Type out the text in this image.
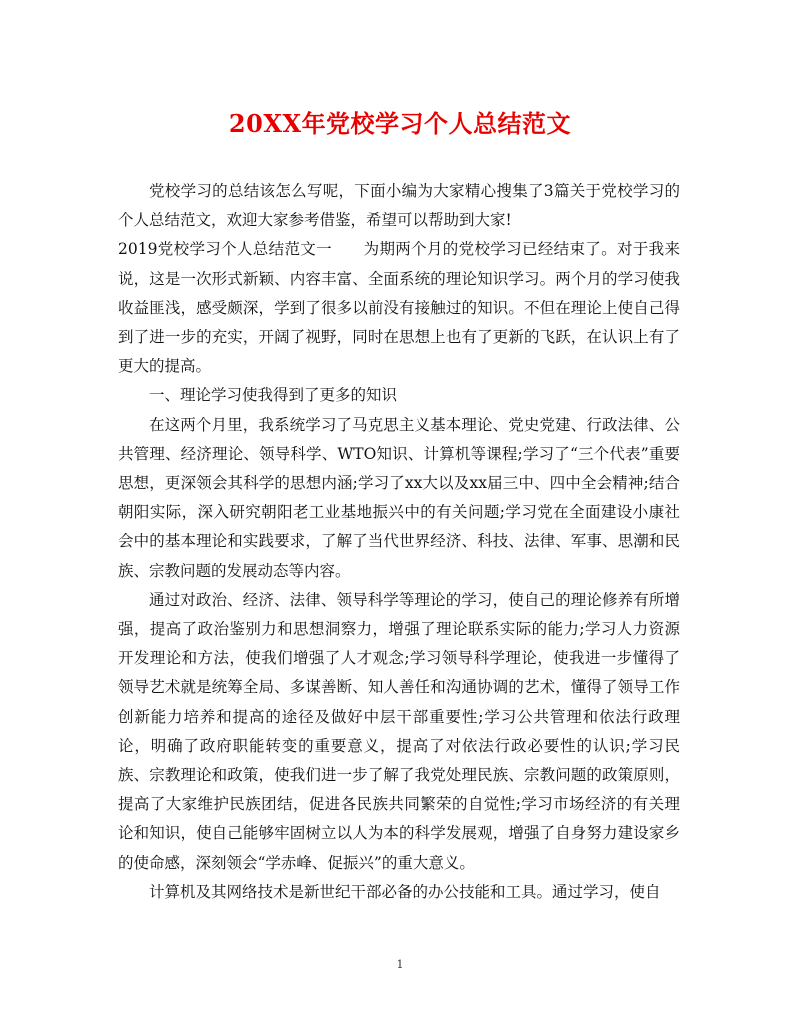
20XX年党校学习个人总结范文

党校学习的总结该怎么写呢，下面小编为大家精心搜集了3篇关于党校学习的个人总结范文，欢迎大家参考借鉴，希望可以帮助到大家!

2019党校学习个人总结范文一　　为期两个月的党校学习已经结束了。对于我来说，这是一次形式新颖、内容丰富、全面系统的理论知识学习。两个月的学习使我收益匪浅，感受颇深，学到了很多以前没有接触过的知识。不但在理论上使自己得到了进一步的充实，开阔了视野，同时在思想上也有了更新的飞跃，在认识上有了更大的提高。

一、理论学习使我得到了更多的知识

在这两个月里，我系统学习了马克思主义基本理论、党史党建、行政法律、公共管理、经济理论、领导科学、WTO知识、计算机等课程;学习了“三个代表”重要思想，更深领会其科学的思想内涵;学习了xx大以及xx届三中、四中全会精神;结合朝阳实际，深入研究朝阳老工业基地振兴中的有关问题;学习党在全面建设小康社会中的基本理论和实践要求，了解了当代世界经济、科技、法律、军事、思潮和民族、宗教问题的发展动态等内容。

通过对政治、经济、法律、领导科学等理论的学习，使自己的理论修养有所增强，提高了政治鉴别力和思想洞察力，增强了理论联系实际的能力;学习人力资源开发理论和方法，使我们增强了人才观念;学习领导科学理论，使我进一步懂得了领导艺术就是统筹全局、多谋善断、知人善任和沟通协调的艺术，懂得了领导工作创新能力培养和提高的途径及做好中层干部重要性;学习公共管理和依法行政理论，明确了政府职能转变的重要意义，提高了对依法行政必要性的认识;学习民族、宗教理论和政策，使我们进一步了解了我党处理民族、宗教问题的政策原则，提高了大家维护民族团结，促进各民族共同繁荣的自觉性;学习市场经济的有关理论和知识，使自己能够牢固树立以人为本的科学发展观，增强了自身努力建设家乡的使命感，深刻领会“学赤峰、促振兴”的重大意义。

计算机及其网络技术是新世纪干部必备的办公技能和工具。通过学习，使自

1
